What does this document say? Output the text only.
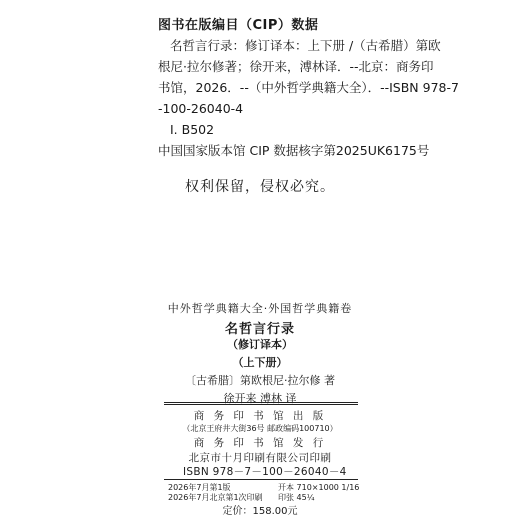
图书在版编目（CIP）数据
名哲言行录：修订译本：上下册 /（古希腊）第欧
根尼·拉尔修著；徐开来，溥林译．--北京：商务印
书馆，2026．--（中外哲学典籍大全）．--ISBN 978-7
-100-26040-4
Ⅰ. B502
中国国家版本馆 CIP 数据核字第2025UK6175号
权利保留，侵权必究。
中外哲学典籍大全·外国哲学典籍卷
名哲言行录
（修订译本）
（上下册）
〔古希腊〕第欧根尼·拉尔修 著
徐开来 溥林 译
商 务 印 书 馆 出 版
（北京王府井大街36号 邮政编码100710）
商 务 印 书 馆 发 行
北京市十月印刷有限公司印刷
ISBN 978－7－100－26040－4
2026年7月第1版	开本 710×1000 1/16
2026年7月北京第1次印刷 印张 45¼
定价：158.00元
